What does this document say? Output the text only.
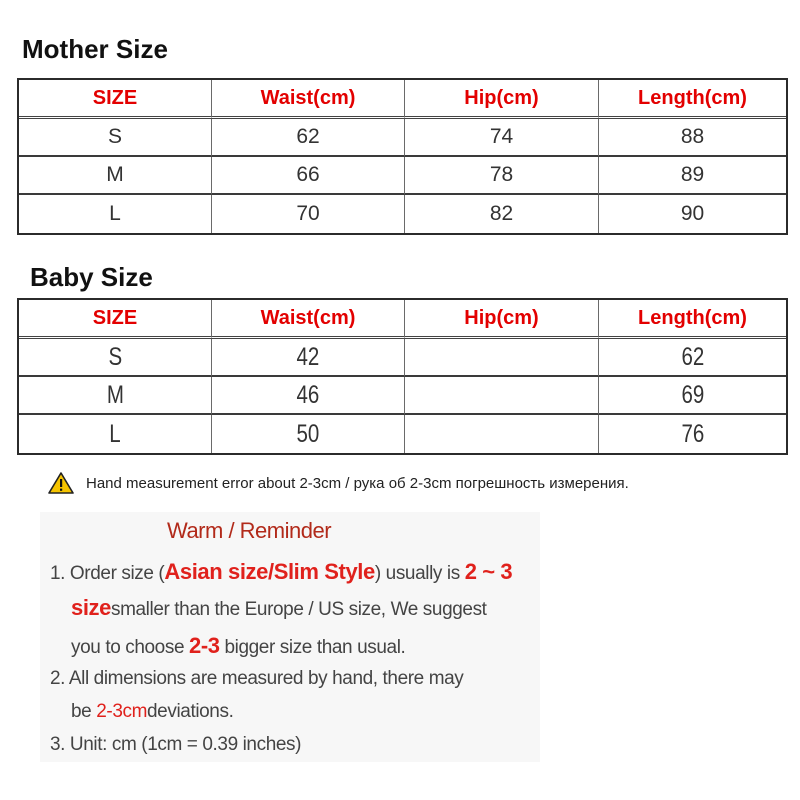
Mother Size
SIZE	Waist(cm)	Hip(cm)	Length(cm)
S	62	74	88
M	66	78	89
L	70	82	90
Baby Size
SIZE	Waist(cm)	Hip(cm)	Length(cm)
S	42		62
M	46		69
L	50		76
Hand measurement error about 2-3cm / рука об 2-3cm погрешность измерения.
Warm / Reminder
1. Order size (Asian size/Slim Style) usually is 2 ~ 3
sizesmaller than the Europe / US size, We suggest
you to choose 2-3 bigger size than usual.
2. All dimensions are measured by hand, there may
be 2-3cmdeviations.
3. Unit: cm (1cm = 0.39 inches)
